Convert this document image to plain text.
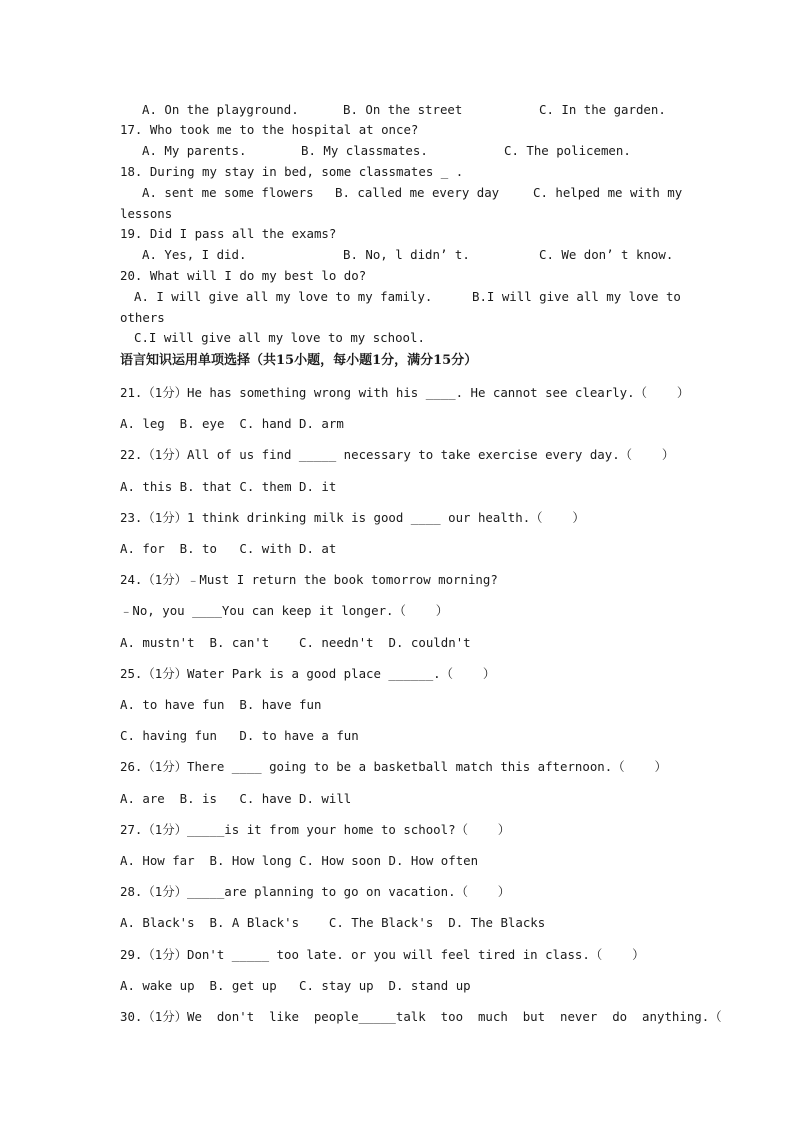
A. On the playground.	B. On the street	C. In the garden.
17. Who took me to the hospital at once?
A. My parents.	B. My classmates.	C. The policemen.
18. During my stay in bed, some classmates _ .
A. sent me some flowers B. called me every day	C. helped me with my
lessons
19. Did I pass all the exams?
A. Yes, I did.	B. No, l didn’ t.	C. We don’ t know.
20. What will I do my best lo do?
A. I will give all my love to my family.	B.I will give all my love to
others
C.I will give all my love to my school.
语言知识运用单项选择（共15小题，每小题1分，满分15分）
21.（1分）He has something wrong with his ____. He cannot see clearly.（    ）
A. leg  B. eye  C. hand D. arm
22.（1分）All of us find _____ necessary to take exercise every day.（    ）
A. this B. that C. them D. it
23.（1分）1 think drinking milk is good ____ our health.（    ）
A. for  B. to   C. with D. at
24.（1分）﹣Must I return the book tomorrow morning?
﹣No, you ____You can keep it longer.（    ）
A. mustn't  B. can't    C. needn't  D. couldn't
25.（1分）Water Park is a good place ______.（    ）
A. to have fun  B. have fun
C. having fun   D. to have a fun
26.（1分）There ____ going to be a basketball match this afternoon.（    ）
A. are  B. is   C. have D. will
27.（1分）_____is it from your home to school?（    ）
A. How far  B. How long C. How soon D. How often
28.（1分）_____are planning to go on vacation.（    ）
A. Black's  B. A Black's    C. The Black's  D. The Blacks
29.（1分）Don't _____ too late. or you will feel tired in class.（    ）
A. wake up  B. get up   C. stay up  D. stand up
30.（1分）We  don't  like  people_____talk  too  much  but  never  do  anything.（
